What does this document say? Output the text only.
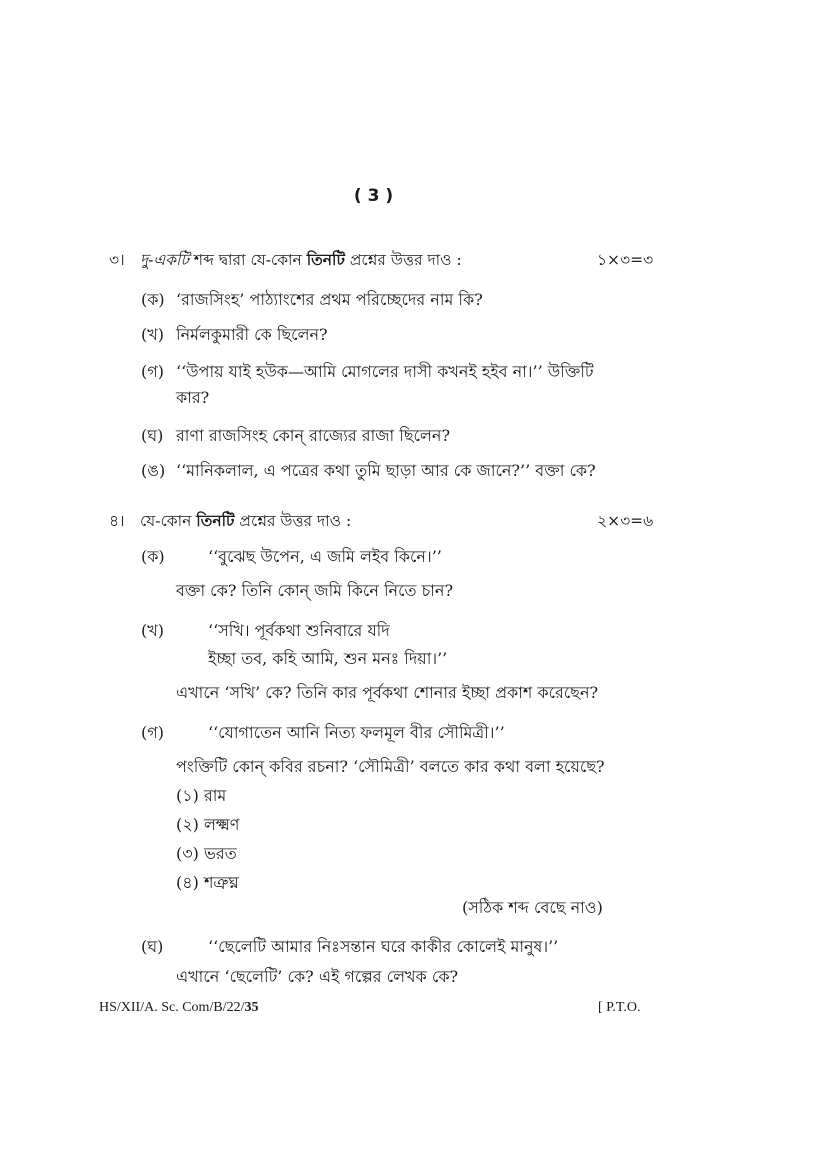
( 3 )
৩। দু-একটি শব্দ দ্বারা যে-কোন তিনটি প্রশ্নের উত্তর দাও :	১×৩=৩
(ক) ‘রাজসিংহ’ পাঠ্যাংশের প্রথম পরিচ্ছেদের নাম কি?
(খ) নির্মলকুমারী কে ছিলেন?
(গ) ‘‘উপায় যাই হউক—আমি মোগলের দাসী কখনই হইব না।’’ উক্তিটি
কার?
(ঘ) রাণা রাজসিংহ কোন্ রাজ্যের রাজা ছিলেন?
(ঙ) ‘‘মানিকলাল, এ পত্রের কথা তুমি ছাড়া আর কে জানে?’’ বক্তা কে?
৪। যে-কোন তিনটি প্রশ্নের উত্তর দাও :	২×৩=৬
(ক)	‘‘বুঝেছ উপেন, এ জমি লইব কিনে।’’
বক্তা কে? তিনি কোন্ জমি কিনে নিতে চান?
(খ)	‘‘সখি। পূর্বকথা শুনিবারে যদি
ইচ্ছা তব, কহি আমি, শুন মনঃ দিয়া।’’
এখানে ‘সখি’ কে? তিনি কার পূর্বকথা শোনার ইচ্ছা প্রকাশ করেছেন?
(গ)	‘‘যোগাতেন আনি নিত্য ফলমূল বীর সৌমিত্রী।’’
পংক্তিটি কোন্ কবির রচনা? ‘সৌমিত্রী’ বলতে কার কথা বলা হয়েছে?
(১) রাম
(২) লক্ষ্মণ
(৩) ভরত
(৪) শত্রুঘ্ন
(সঠিক শব্দ বেছে নাও)
(ঘ)	‘‘ছেলেটি আমার নিঃসন্তান ঘরে কাকীর কোলেই মানুষ।’’
এখানে ‘ছেলেটি’ কে? এই গল্পের লেখক কে?
HS/XII/A. Sc. Com/B/22/35	[ P.T.O.
